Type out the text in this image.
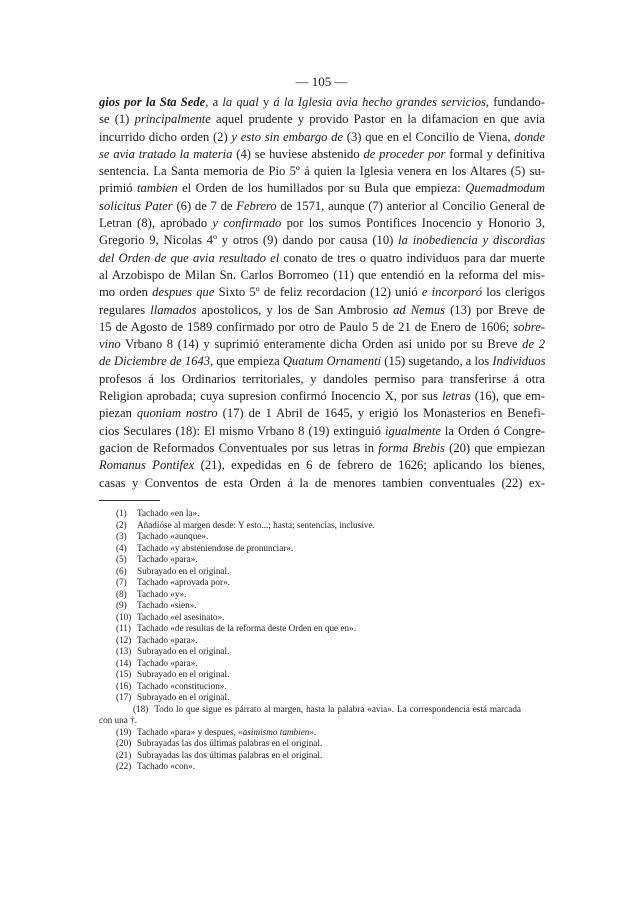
— 105 —
gios por la Sta Sede, a la qual y á la Iglesia avia hecho grandes servicios, fundando-
se (1) principalmente aquel prudente y provido Pastor en la difamacion en que avia
incurrido dicho orden (2) y esto sin embargo de (3) que en el Concilio de Viena, donde
se avia tratado la materia (4) se huviese abstenido de proceder por formal y definitiva
sentencia. La Santa memoria de Pio 5º á quien la Iglesia venera en los Altares (5) su-
primió tambien el Orden de los humillados por su Bula que empieza: Quemadmodum
solicitus Pater (6) de 7 de Febrero de 1571, aunque (7) anterior al Concilio General de
Letran (8), aprobado y confirmado por los sumos Pontifices Inocencio y Honorio 3,
Gregorio 9, Nicolas 4º y otros (9) dando por causa (10) la inobediencia y discordias
del Orden de que avia resultado el conato de tres o quatro individuos para dar muerte
al Arzobispo de Milan Sn. Carlos Borromeo (11) que entendió en la reforma del mis-
mo orden despues que Sixto 5º de feliz recordacion (12) unió e incorporó los clerigos
regulares llamados apostolicos, y los de San Ambrosio ad Nemus (13) por Breve de
15 de Agosto de 1589 confirmado por otro de Paulo 5 de 21 de Enero de 1606; sobre-
vino Vrbano 8 (14) y suprimió enteramente dicha Orden asi unido por su Breve de 2
de Diciembre de 1643, que empieza Quatum Ornamenti (15) sugetando, a los Individuos
profesos á los Ordinarios territoriales, y dandoles permiso para transferirse á otra
Religion aprobada; cuya supresion confirmó Inocencio X, por sus letras (16), que em-
piezan quoniam nostro (17) de 1 Abril de 1645, y erigió los Monasterios en Benefi-
cios Seculares (18): El mismo Vrbano 8 (19) extinguió igualmente la Orden ó Congre-
gacion de Reformados Conventuales por sus letras in forma Brebis (20) que empiezan
Romanus Pontifex (21), expedidas en 6 de febrero de 1626; aplicando los bienes,
casas y Conventos de esta Orden á la de menores tambien conventuales (22) ex-
(1) Tachado «en la».
(2) Añadióse al margen desde: Y esto...; hasta; sentencias, inclusive.
(3) Tachado «aunque».
(4) Tachado «y absteniendose de pronunciar».
(5) Tachado «para».
(6) Subrayado en el original.
(7) Tachado «aprovada por».
(8) Tachado «y».
(9) Tachado «sien».
(10) Tachado «el asesinato».
(11) Tachado «de resultas de la reforma deste Orden en que en».
(12) Tachado «para».
(13) Subrayado en el original.
(14) Tachado «para».
(15) Subrayado en el original.
(16) Tachado «constitucion».
(17) Subrayado en el original.
(18) Todo lo que sigue es párrato al margen, hasta la palabra «avia». La correspondencia está marcada con una †.
(19) Tachado «para» y despues, «asimismo tambien».
(20) Subrayadas las dos últimas palabras en el original.
(21) Subrayadas las dos últimas palabras en el original.
(22) Tachado «con».
